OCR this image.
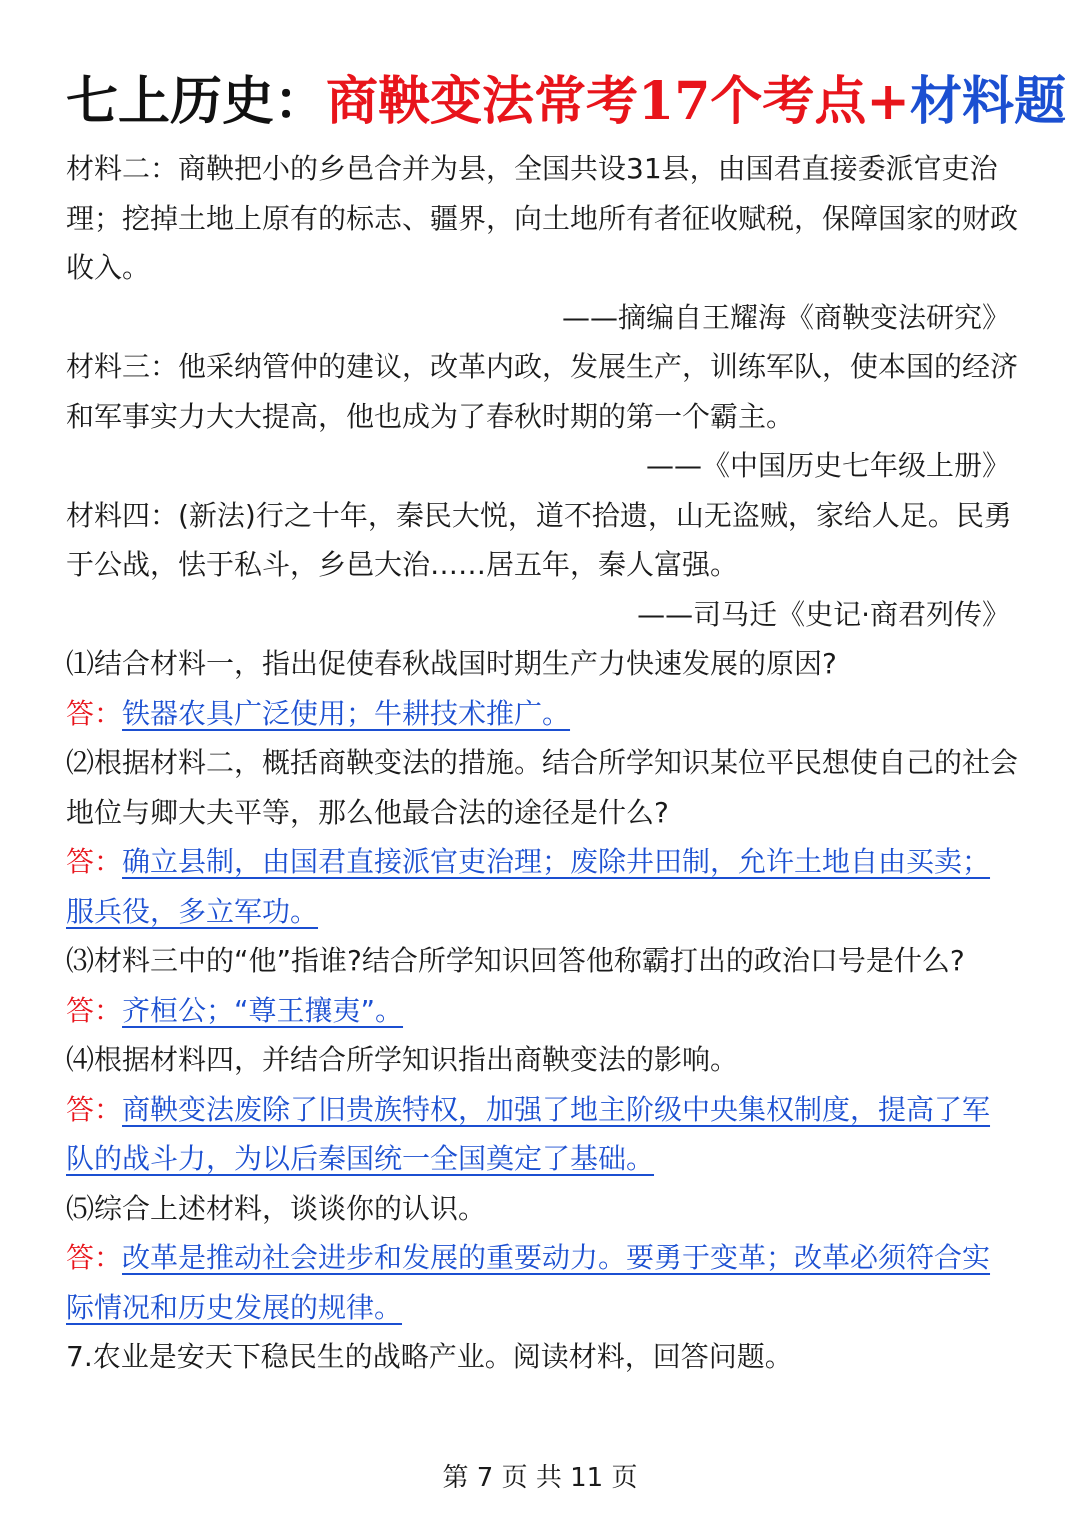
七上历史：商鞅变法常考17个考点+材料题

材料二：商鞅把小的乡邑合并为县，全国共设31县，由国君直接委派官吏治理；挖掉土地上原有的标志、疆界，向土地所有者征收赋税，保障国家的财政收入。

——摘编自王耀海《商鞅变法研究》

材料三：他采纳管仲的建议，改革内政，发展生产，训练军队，使本国的经济和军事实力大大提高，他也成为了春秋时期的第一个霸主。

——《中国历史七年级上册》

材料四：(新法)行之十年，秦民大悦，道不拾遗，山无盗贼，家给人足。民勇于公战，怯于私斗，乡邑大治……居五年，秦人富强。

——司马迁《史记·商君列传》

⑴结合材料一，指出促使春秋战国时期生产力快速发展的原因?

答：铁器农具广泛使用；牛耕技术推广。

⑵根据材料二，概括商鞅变法的措施。结合所学知识某位平民想使自己的社会地位与卿大夫平等，那么他最合法的途径是什么?

答：确立县制，由国君直接派官吏治理；废除井田制，允许土地自由买卖；服兵役，多立军功。

⑶材料三中的“他”指谁?结合所学知识回答他称霸打出的政治口号是什么?

答：齐桓公；“尊王攘夷”。

⑷根据材料四，并结合所学知识指出商鞅变法的影响。

答：商鞅变法废除了旧贵族特权，加强了地主阶级中央集权制度，提高了军队的战斗力，为以后秦国统一全国奠定了基础。

⑸综合上述材料，谈谈你的认识。

答：改革是推动社会进步和发展的重要动力。要勇于变革；改革必须符合实际情况和历史发展的规律。

7.农业是安天下稳民生的战略产业。阅读材料，回答问题。

第 7 页 共 11 页
